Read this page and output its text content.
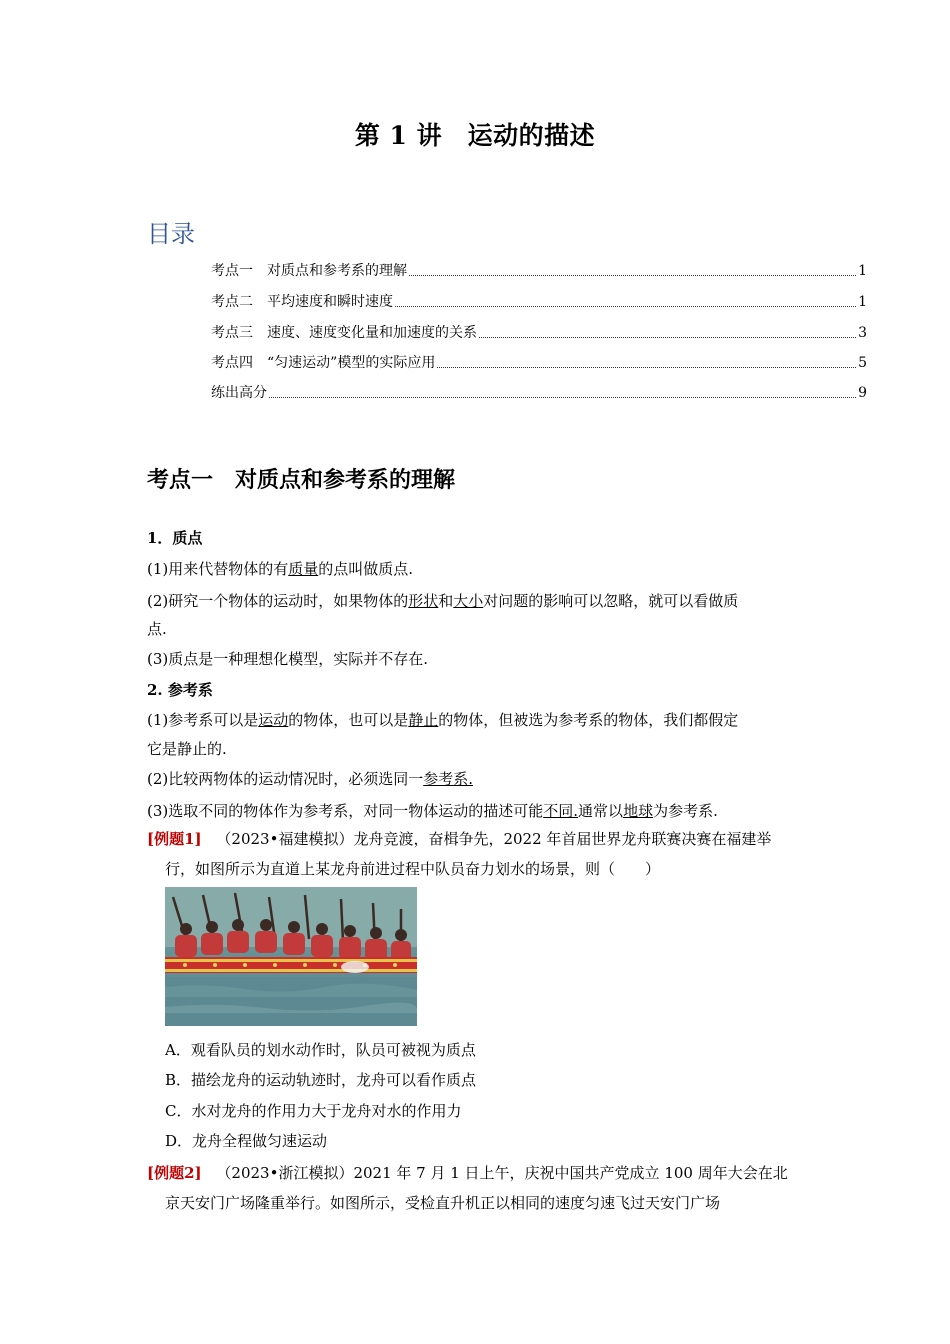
第 1 讲　运动的描述
目录
考点一　对质点和参考系的理解	1
考点二　平均速度和瞬时速度	1
考点三　速度、速度变化量和加速度的关系	3
考点四　“匀速运动”模型的实际应用	5
练出高分	9
考点一　对质点和参考系的理解
1．质点
(1)用来代替物体的有质量的点叫做质点.
(2)研究一个物体的运动时，如果物体的形状和大小对问题的影响可以忽略，就可以看做质
点.
(3)质点是一种理想化模型，实际并不存在.
2. 参考系
(1)参考系可以是运动的物体，也可以是静止的物体，但被选为参考系的物体，我们都假定
它是静止的.
(2)比较两物体的运动情况时，必须选同一参考系.
(3)选取不同的物体作为参考系，对同一物体运动的描述可能不同.通常以地球为参考系.
[例题1] （2023•福建模拟）龙舟竞渡，奋楫争先，2022 年首届世界龙舟联赛决赛在福建举
行，如图所示为直道上某龙舟前进过程中队员奋力划水的场景，则（　　）
A．观看队员的划水动作时，队员可被视为质点
B．描绘龙舟的运动轨迹时，龙舟可以看作质点
C．水对龙舟的作用力大于龙舟对水的作用力
D．龙舟全程做匀速运动
[例题2] （2023•浙江模拟）2021 年 7 月 1 日上午，庆祝中国共产党成立 100 周年大会在北
京天安门广场隆重举行。如图所示，受检直升机正以相同的速度匀速飞过天安门广场
